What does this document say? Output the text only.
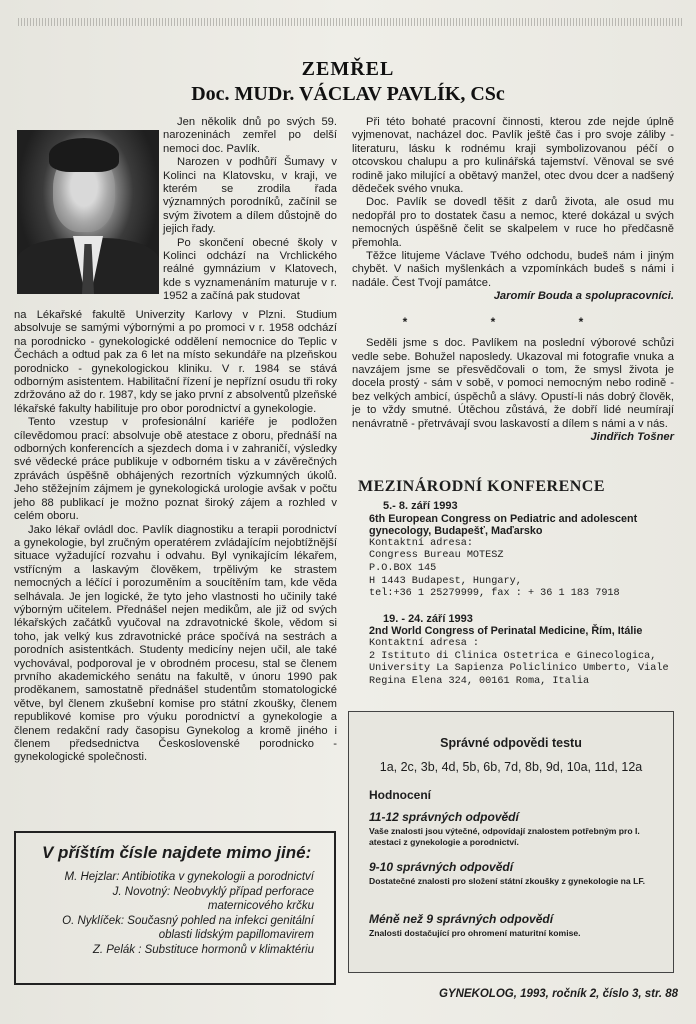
ZEMŘEL
Doc. MUDr. VÁCLAV PAVLÍK, CSc

Jen několik dnů po svých 59. narozeninách zemřel po delší nemoci doc. Pavlík.

Narozen v podhůří Šumavy v Kolinci na Klatovsku, v kraji, ve kterém se zrodila řada významných porodníků, začínil se svým životem a dílem důstojně do jejich řady.

Po skončení obecné školy v Kolinci odchází na Vrchlického reálné gymnázium v Klatovech, kde s vyznamenáním maturuje v r. 1952 a začíná pak studovat

na Lékařské fakultě Univerzity Karlovy v Plzni. Studium absolvuje se samými výbornými a po promoci v r. 1958 odchází na porodnicko - gynekologické oddělení nemocnice do Teplic v Čechách a odtud pak za 6 let na místo sekundáře na plzeňskou porodnicko - gynekologickou kliniku. V r. 1984 se stává odborným asistentem. Habilitační řízení je nepřízní osudu tři roky zdržováno až do r. 1987, kdy se jako první z absolventů plzeňské lékařské fakulty habilituje pro obor porodnictví a gynekologie.

Tento vzestup v profesionální kariéře je podložen cílevědomou prací: absolvuje obě atestace z oboru, přednáší na odborných konferencích a sjezdech doma i v zahraničí, výsledky své vědecké práce publikuje v odborném tisku a v závěrečných zprávách úspěšně obhájených rezortních výzkumných úkolů. Jeho stěžejním zájmem je gynekologická urologie avšak v počtu jeho 88 publikací je možno poznat široký zájem a rozhled v celém oboru.

Jako lékař ovládl doc. Pavlík diagnostiku a terapii porodnictví a gynekologie, byl zručným operatérem zvládajícím nejobtížnější situace vyžadující rozvahu i odvahu. Byl vynikajícím lékařem, vstřícným a laskavým člověkem, trpělivým ke strastem nemocných a léčící i porozuměním a soucítěním tam, kde věda selhávala. Je jen logické, že tyto jeho vlastnosti ho učinily také výborným učitelem. Přednášel nejen medikům, ale již od svých lékařských začátků vyučoval na zdravotnické škole, vědom si toho, jak velký kus zdravotnické práce spočívá na sestrách a porodních asistentkách. Studenty medicíny nejen učil, ale také vychovával, podporoval je v obrodném procesu, stal se členem prvního akademického senátu na fakultě, v únoru 1990 pak proděkanem, samostatně přednášel studentům stomatologické větve, byl členem zkušební komise pro státní zkoušky, členem republikové komise pro výuku porodnictví a gynekologie a členem redakční rady časopisu Gynekolog a kromě jiného i členem předsednictva Československé porodnicko - gynekologické společnosti.

V příštím čísle najdete mimo jiné:
M. Hejzlar: Antibiotika v gynekologii a porodnictví
J. Novotný: Neobvyklý případ perforace
maternicového krčku
O. Nyklíček: Současný pohled na infekci genitální
oblasti lidským papillomavirem
Z. Pelák : Substituce hormonů v klimaktériu

Při této bohaté pracovní činnosti, kterou zde nejde úplně vyjmenovat, nacházel doc. Pavlík ještě čas i pro svoje záliby - literaturu, lásku k rodnému kraji symbolizovanou péčí o otcovskou chalupu a pro kulinářská tajemství. Věnoval se své rodině jako milující a obětavý manžel, otec dvou dcer a nadšený dědeček svého vnuka.

Doc. Pavlík se dovedl těšit z darů života, ale osud mu nedopřál pro to dostatek času a nemoc, které dokázal u svých nemocných úspěšně čelit se skalpelem v ruce ho předčasně přemohla.

Těžce litujeme Václave Tvého odchodu, budeš nám i jiným chybět. V našich myšlenkách a vzpomínkách budeš s námi i nadále. Čest Tvojí památce.

Jaromír Bouda a spolupracovníci.

* * *

Seděli jsme s doc. Pavlíkem na poslední výborové schůzi vedle sebe. Bohužel naposledy. Ukazoval mi fotografie vnuka a navzájem jsme se přesvědčovali o tom, že smysl života je docela prostý - sám v sobě, v pomoci nemocným nebo rodině - bez velkých ambicí, úspěchů a slávy. Opustí-li nás dobrý člověk, je to vždy smutné. Útěchou zůstává, že dobří lidé neumírají nenávratně - přetrvávají svou laskavostí a dílem s námi a v nás.

Jindřich Tošner

MEZINÁRODNÍ KONFERENCE
5.- 8. září 1993
6th European Congress on Pediatric and adolescent gynecology, Budapešť, Maďarsko
Kontaktní adresa:
Congress Bureau MOTESZ
P.O.BOX 145
H 1443 Budapest, Hungary,
tel:+36 1 25279999, fax : + 36 1 183 7918
19. - 24. září 1993
2nd World Congress of Perinatal Medicine, Řím, Itálie
Kontaktní adresa :
2 Istituto di Clinica Ostetrica e Ginecologica,
University La Sapienza Policlinico Umberto, Viale
Regina Elena 324, 00161 Roma, Italia
Správné odpovědi testu
1a, 2c, 3b, 4d, 5b, 6b, 7d, 8b, 9d, 10a, 11d, 12a
Hodnocení
11-12 správných odpovědí
Vaše znalosti jsou výtečné, odpovídají znalostem potřebným pro I. atestaci z gynekologie a porodnictví.
9-10 správných odpovědí
Dostatečné znalosti pro složení státní zkoušky z gynekologie na LF.
Méně než 9 správných odpovědí
Znalosti dostačující pro ohromení maturitní komise.
GYNEKOLOG, 1993, ročník 2, číslo 3, str. 88
